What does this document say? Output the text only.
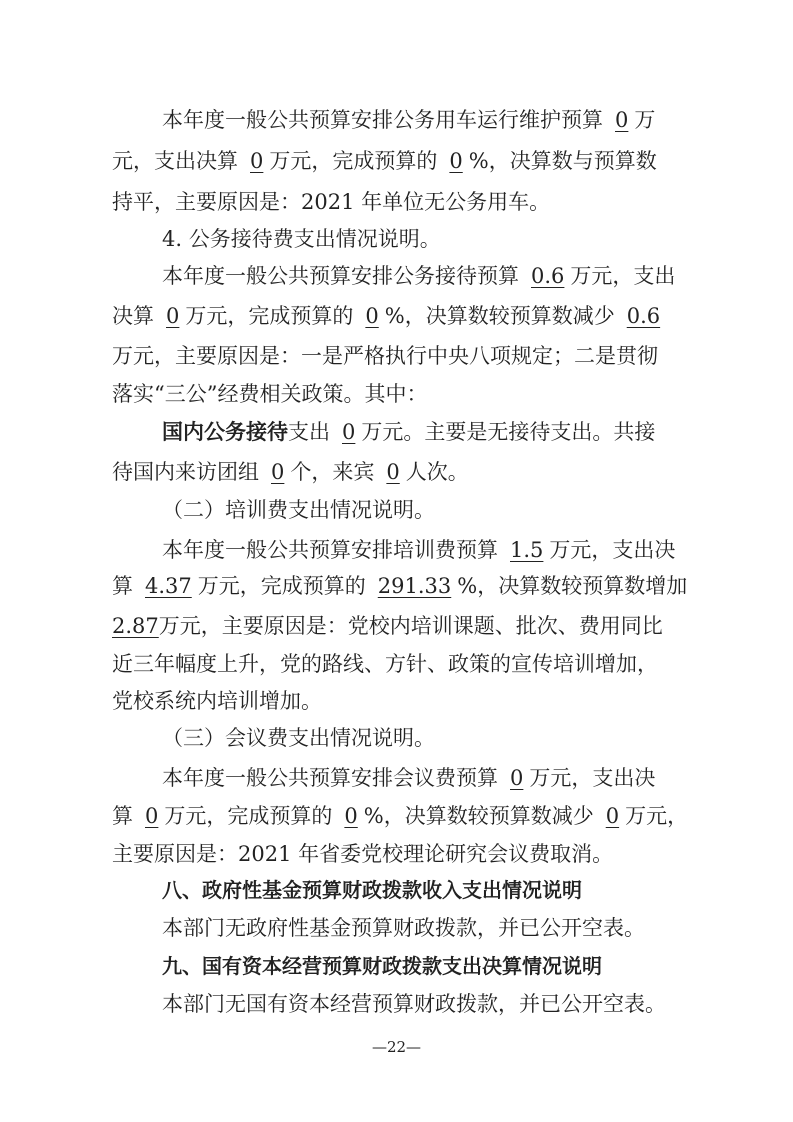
本年度一般公共预算安排公务用车运行维护预算 0 万
元，支出决算 0 万元，完成预算的 0 %，决算数与预算数
持平，主要原因是：2021 年单位无公务用车。
4. 公务接待费支出情况说明。
本年度一般公共预算安排公务接待预算 0.6 万元，支出
决算 0 万元，完成预算的 0 %，决算数较预算数减少 0.6
万元，主要原因是：一是严格执行中央八项规定；二是贯彻
落实“三公”经费相关政策。其中：
国内公务接待支出 0 万元。主要是无接待支出。共接
待国内来访团组 0 个，来宾 0 人次。
（二）培训费支出情况说明。
本年度一般公共预算安排培训费预算 1.5 万元，支出决
算 4.37 万元，完成预算的 291.33 %，决算数较预算数增加
2.87万元，主要原因是：党校内培训课题、批次、费用同比
近三年幅度上升，党的路线、方针、政策的宣传培训增加，
党校系统内培训增加。
（三）会议费支出情况说明。
本年度一般公共预算安排会议费预算 0 万元，支出决
算 0 万元，完成预算的 0 %，决算数较预算数减少 0 万元，
主要原因是：2021 年省委党校理论研究会议费取消。
八、政府性基金预算财政拨款收入支出情况说明
本部门无政府性基金预算财政拨款，并已公开空表。
九、国有资本经营预算财政拨款支出决算情况说明
本部门无国有资本经营预算财政拨款，并已公开空表。
—22—
